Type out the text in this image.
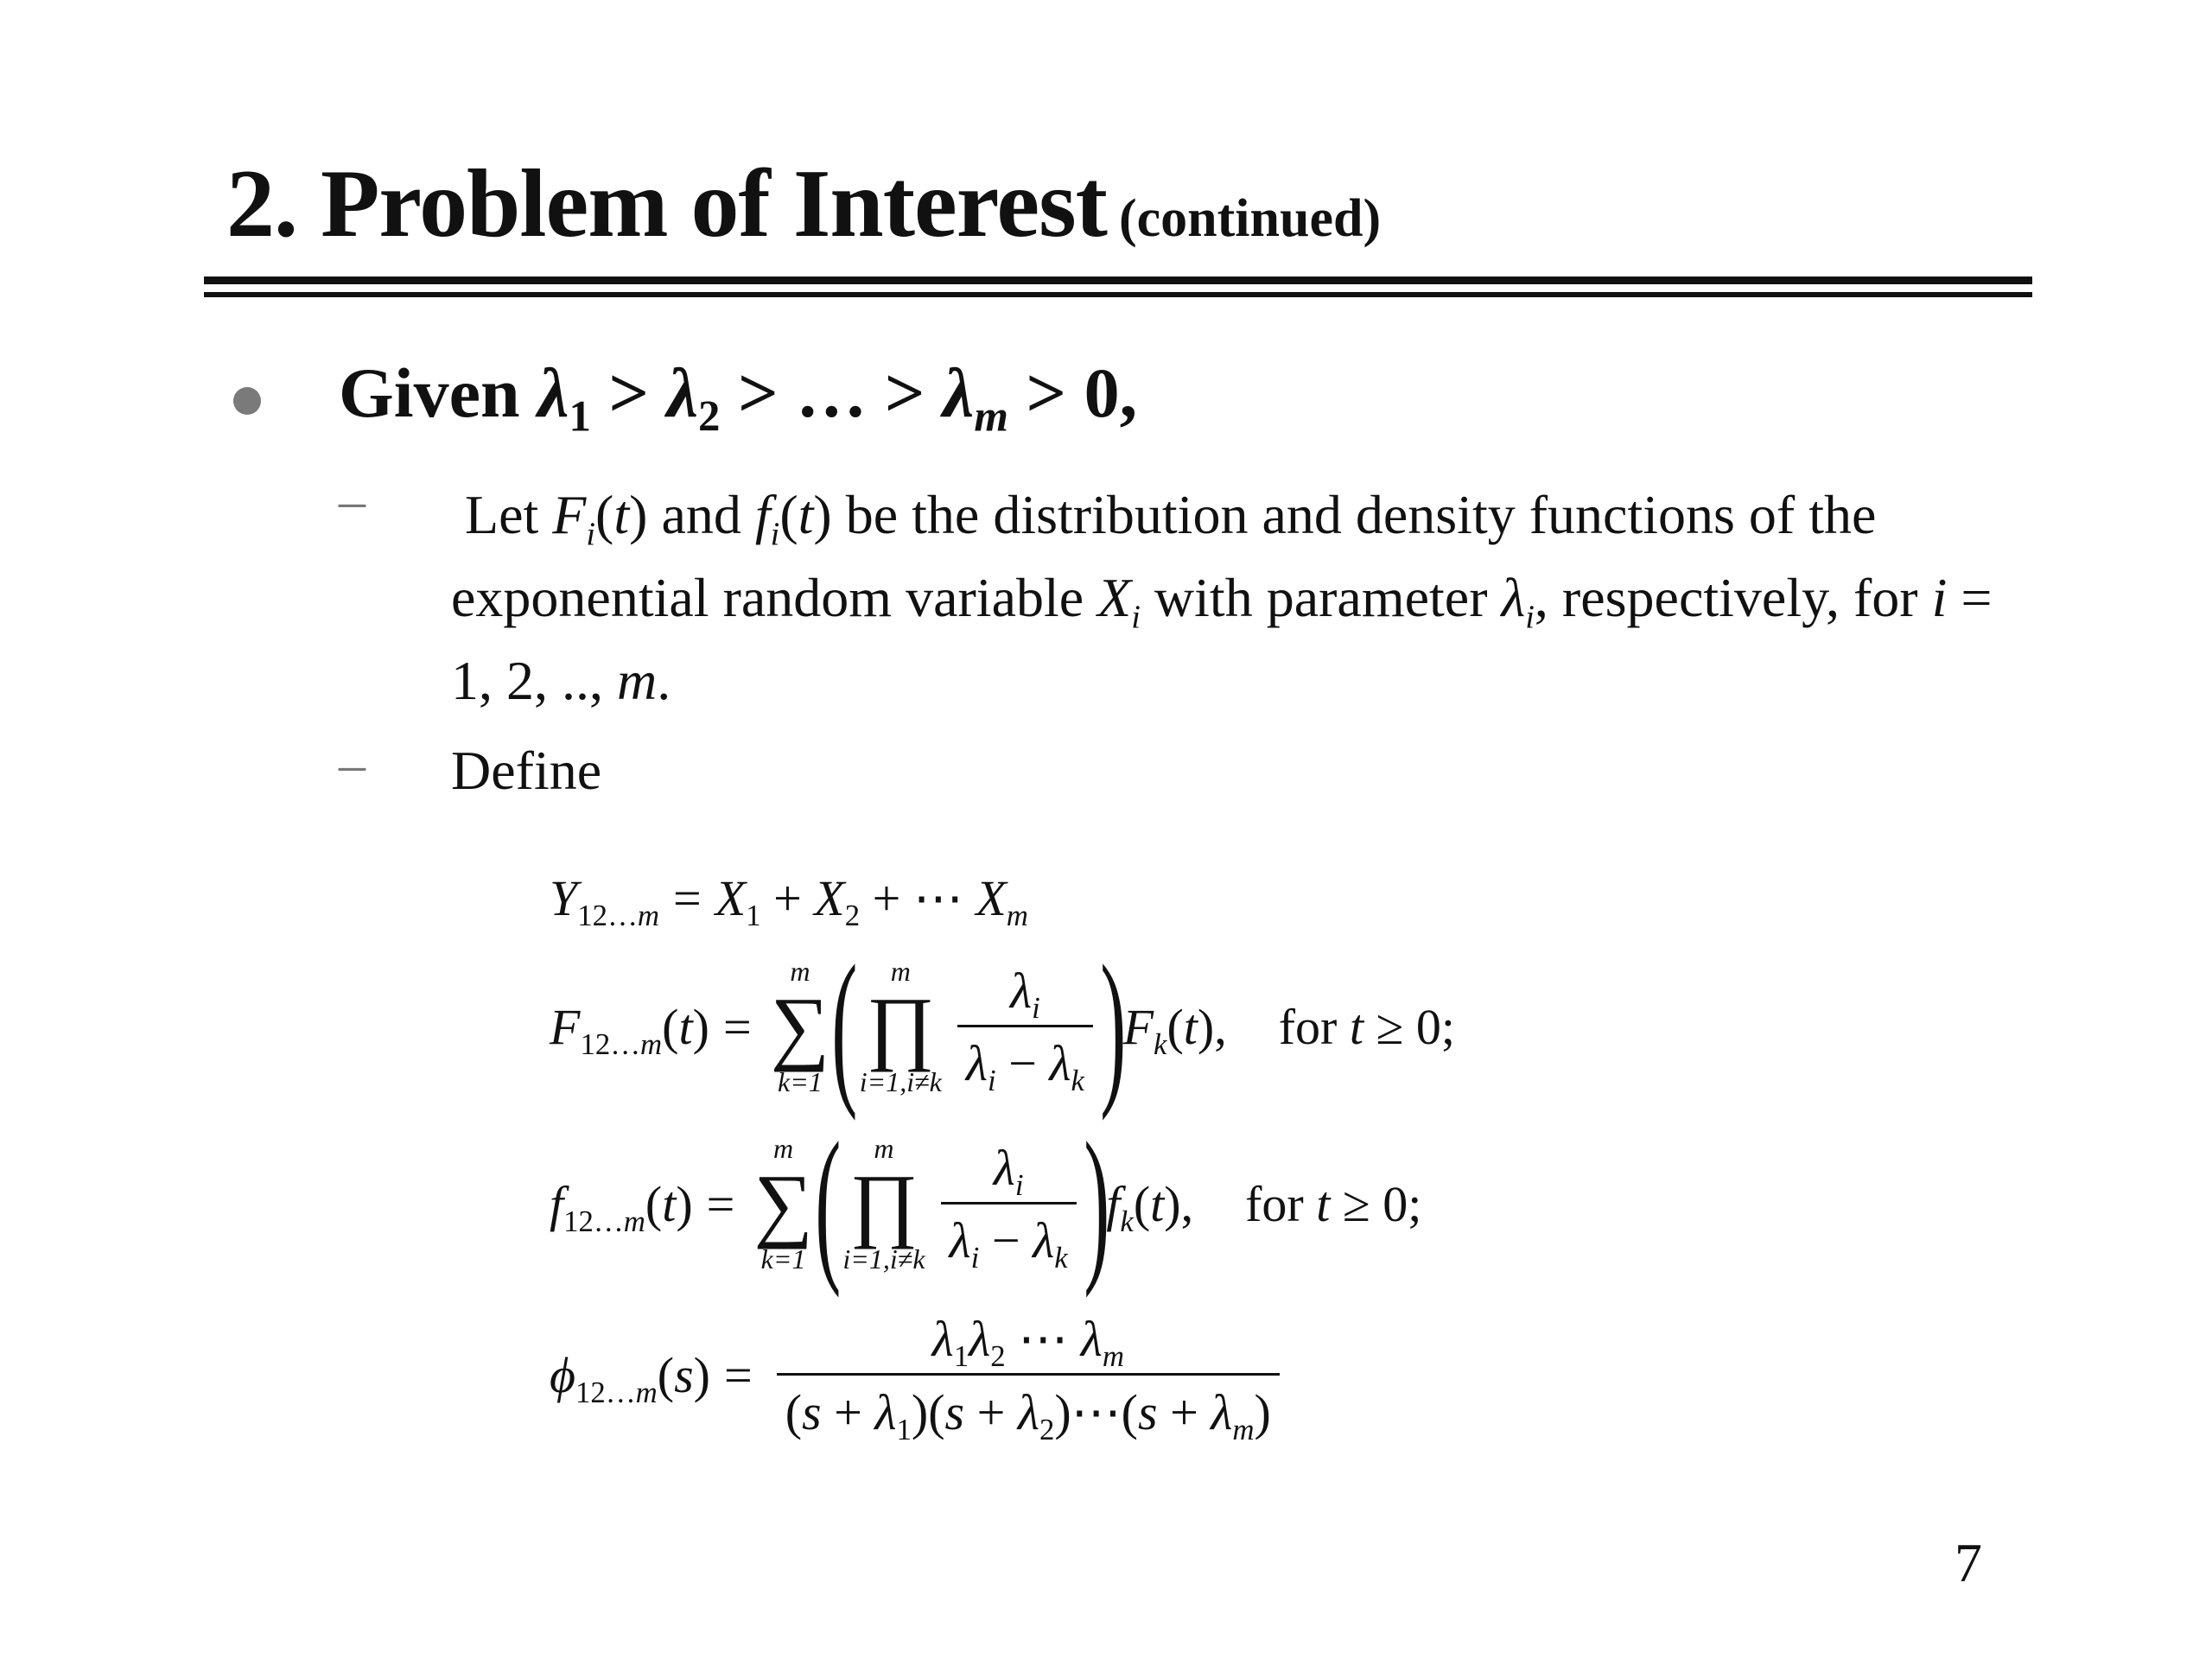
2. Problem of Interest (continued)
Given $\lambda_1 > \lambda_2$ > … > $\lambda_m > 0$,
– Let $F_i(t)$ and $f_i(t)$ be the distribution and density functions of the exponential random variable $X_i$ with parameter $\lambda_i$, respectively, for i = 1, 2, .., m.
– Define
$Y_{12\dots m} = X_1 + X_2$ + ⋯ $X_m$
$F_{12\dots m}(t)$ =
m
∑
k=1 ( m
∏
$i=1,i\ne k \frac{\lambda_i}{\lambda_i - \lambda_k}$ )
$F_k(t)$, for t ≥ 0;
$f_{12\dots m}(t)$ =
m
∑
k=1 ( m
∏
$i=1,i\ne k \frac{\lambda_i}{\lambda_i - \lambda_k}$ )
$f_k(t)$, for t ≥ 0;
$\phi_{12\dots m}(s) = \frac{\lambda_1\lambda_2 \cdots \lambda_m}{(s + \lambda_1)(s + \lambda_2)\cdots(s + \lambda_m)}$
7
